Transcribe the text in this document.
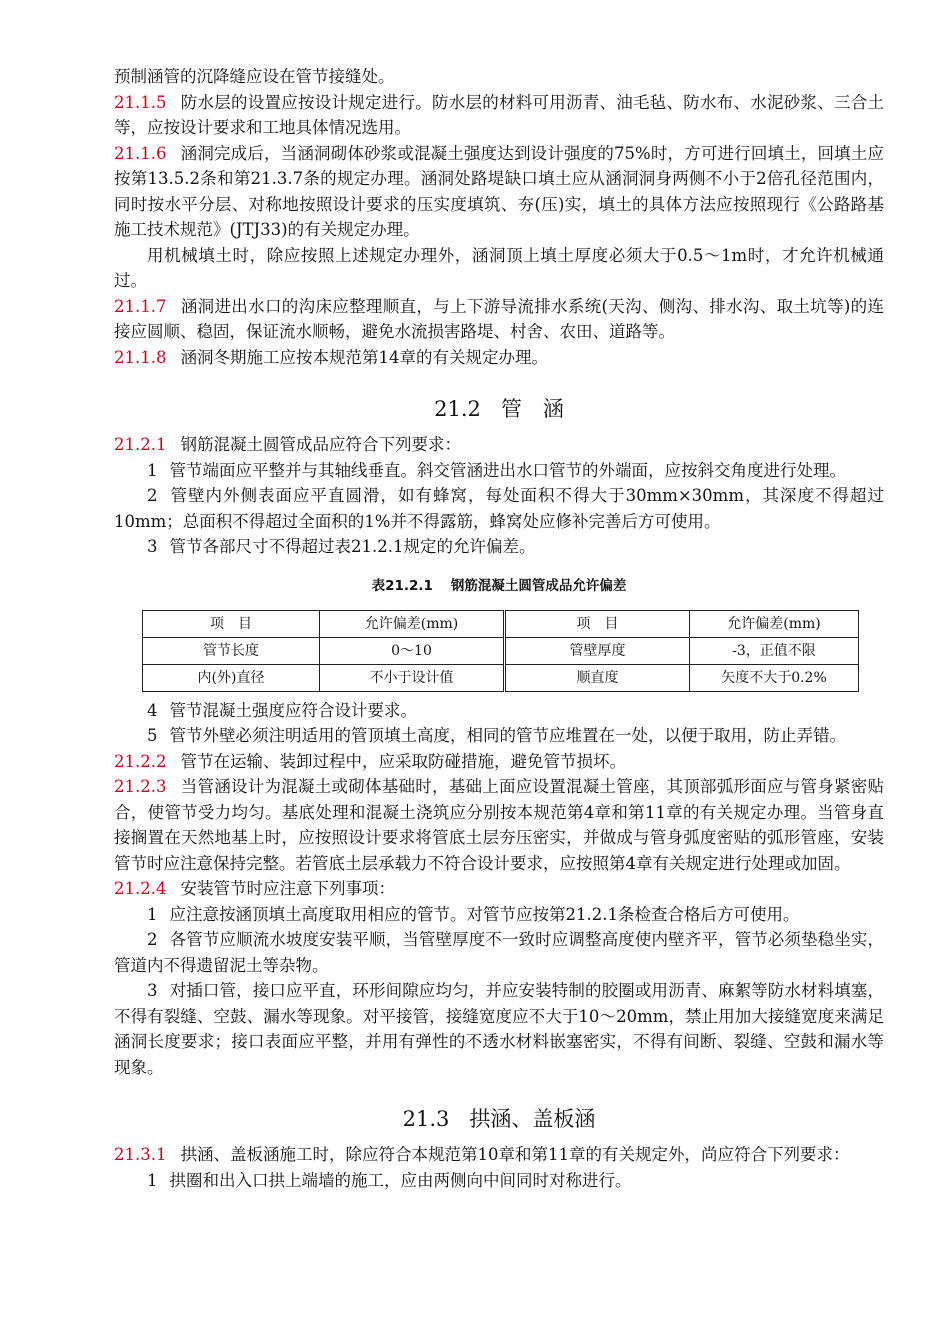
预制涵管的沉降缝应设在管节接缝处。

21.1.5 防水层的设置应按设计规定进行。防水层的材料可用沥青、油毛毡、防水布、水泥砂浆、三合土等，应按设计要求和工地具体情况选用。

21.1.6 涵洞完成后，当涵洞砌体砂浆或混凝土强度达到设计强度的75%时，方可进行回填土，回填土应按第13.5.2条和第21.3.7条的规定办理。涵洞处路堤缺口填土应从涵洞洞身两侧不小于2倍孔径范围内，同时按水平分层、对称地按照设计要求的压实度填筑、夯(压)实，填土的具体方法应按照现行《公路路基施工技术规范》(JTJ33)的有关规定办理。

用机械填土时，除应按照上述规定办理外，涵洞顶上填土厚度必须大于0.5～1m时，才允许机械通过。

21.1.7 涵洞进出水口的沟床应整理顺直，与上下游导流排水系统(天沟、侧沟、排水沟、取土坑等)的连接应圆顺、稳固，保证流水顺畅，避免水流损害路堤、村舍、农田、道路等。

21.1.8 涵洞冬期施工应按本规范第14章的有关规定办理。

21.2 管　涵

21.2.1 钢筋混凝土圆管成品应符合下列要求：

1 管节端面应平整并与其轴线垂直。斜交管涵进出水口管节的外端面，应按斜交角度进行处理。

2 管壁内外侧表面应平直圆滑，如有蜂窝，每处面积不得大于30mm×30mm，其深度不得超过10mm；总面积不得超过全面积的1%并不得露筋，蜂窝处应修补完善后方可使用。

3 管节各部尺寸不得超过表21.2.1规定的允许偏差。

表21.2.1 钢筋混凝土圆管成品允许偏差
项　目	允许偏差(mm)	项　目	允许偏差(mm)
管节长度	0～10	管壁厚度	-3，正值不限
内(外)直径	不小于设计值	顺直度	矢度不大于0.2%

4 管节混凝土强度应符合设计要求。

5 管节外壁必须注明适用的管顶填土高度，相同的管节应堆置在一处，以便于取用，防止弄错。

21.2.2 管节在运输、装卸过程中，应采取防碰措施，避免管节损坏。

21.2.3 当管涵设计为混凝土或砌体基础时，基础上面应设置混凝土管座，其顶部弧形面应与管身紧密贴合，使管节受力均匀。基底处理和混凝土浇筑应分别按本规范第4章和第11章的有关规定办理。当管身直接搁置在天然地基上时，应按照设计要求将管底土层夯压密实，并做成与管身弧度密贴的弧形管座，安装管节时应注意保持完整。若管底土层承载力不符合设计要求，应按照第4章有关规定进行处理或加固。

21.2.4 安装管节时应注意下列事项：

1 应注意按涵顶填土高度取用相应的管节。对管节应按第21.2.1条检查合格后方可使用。

2 各管节应顺流水坡度安装平顺，当管壁厚度不一致时应调整高度使内壁齐平，管节必须垫稳坐实，管道内不得遗留泥土等杂物。

3 对插口管，接口应平直，环形间隙应均匀，并应安装特制的胶圈或用沥青、麻絮等防水材料填塞，不得有裂缝、空鼓、漏水等现象。对平接管，接缝宽度应不大于10～20mm，禁止用加大接缝宽度来满足涵洞长度要求；接口表面应平整，并用有弹性的不透水材料嵌塞密实，不得有间断、裂缝、空鼓和漏水等现象。

21.3 拱涵、盖板涵

21.3.1 拱涵、盖板涵施工时，除应符合本规范第10章和第11章的有关规定外，尚应符合下列要求：

1 拱圈和出入口拱上端墙的施工，应由两侧向中间同时对称进行。
